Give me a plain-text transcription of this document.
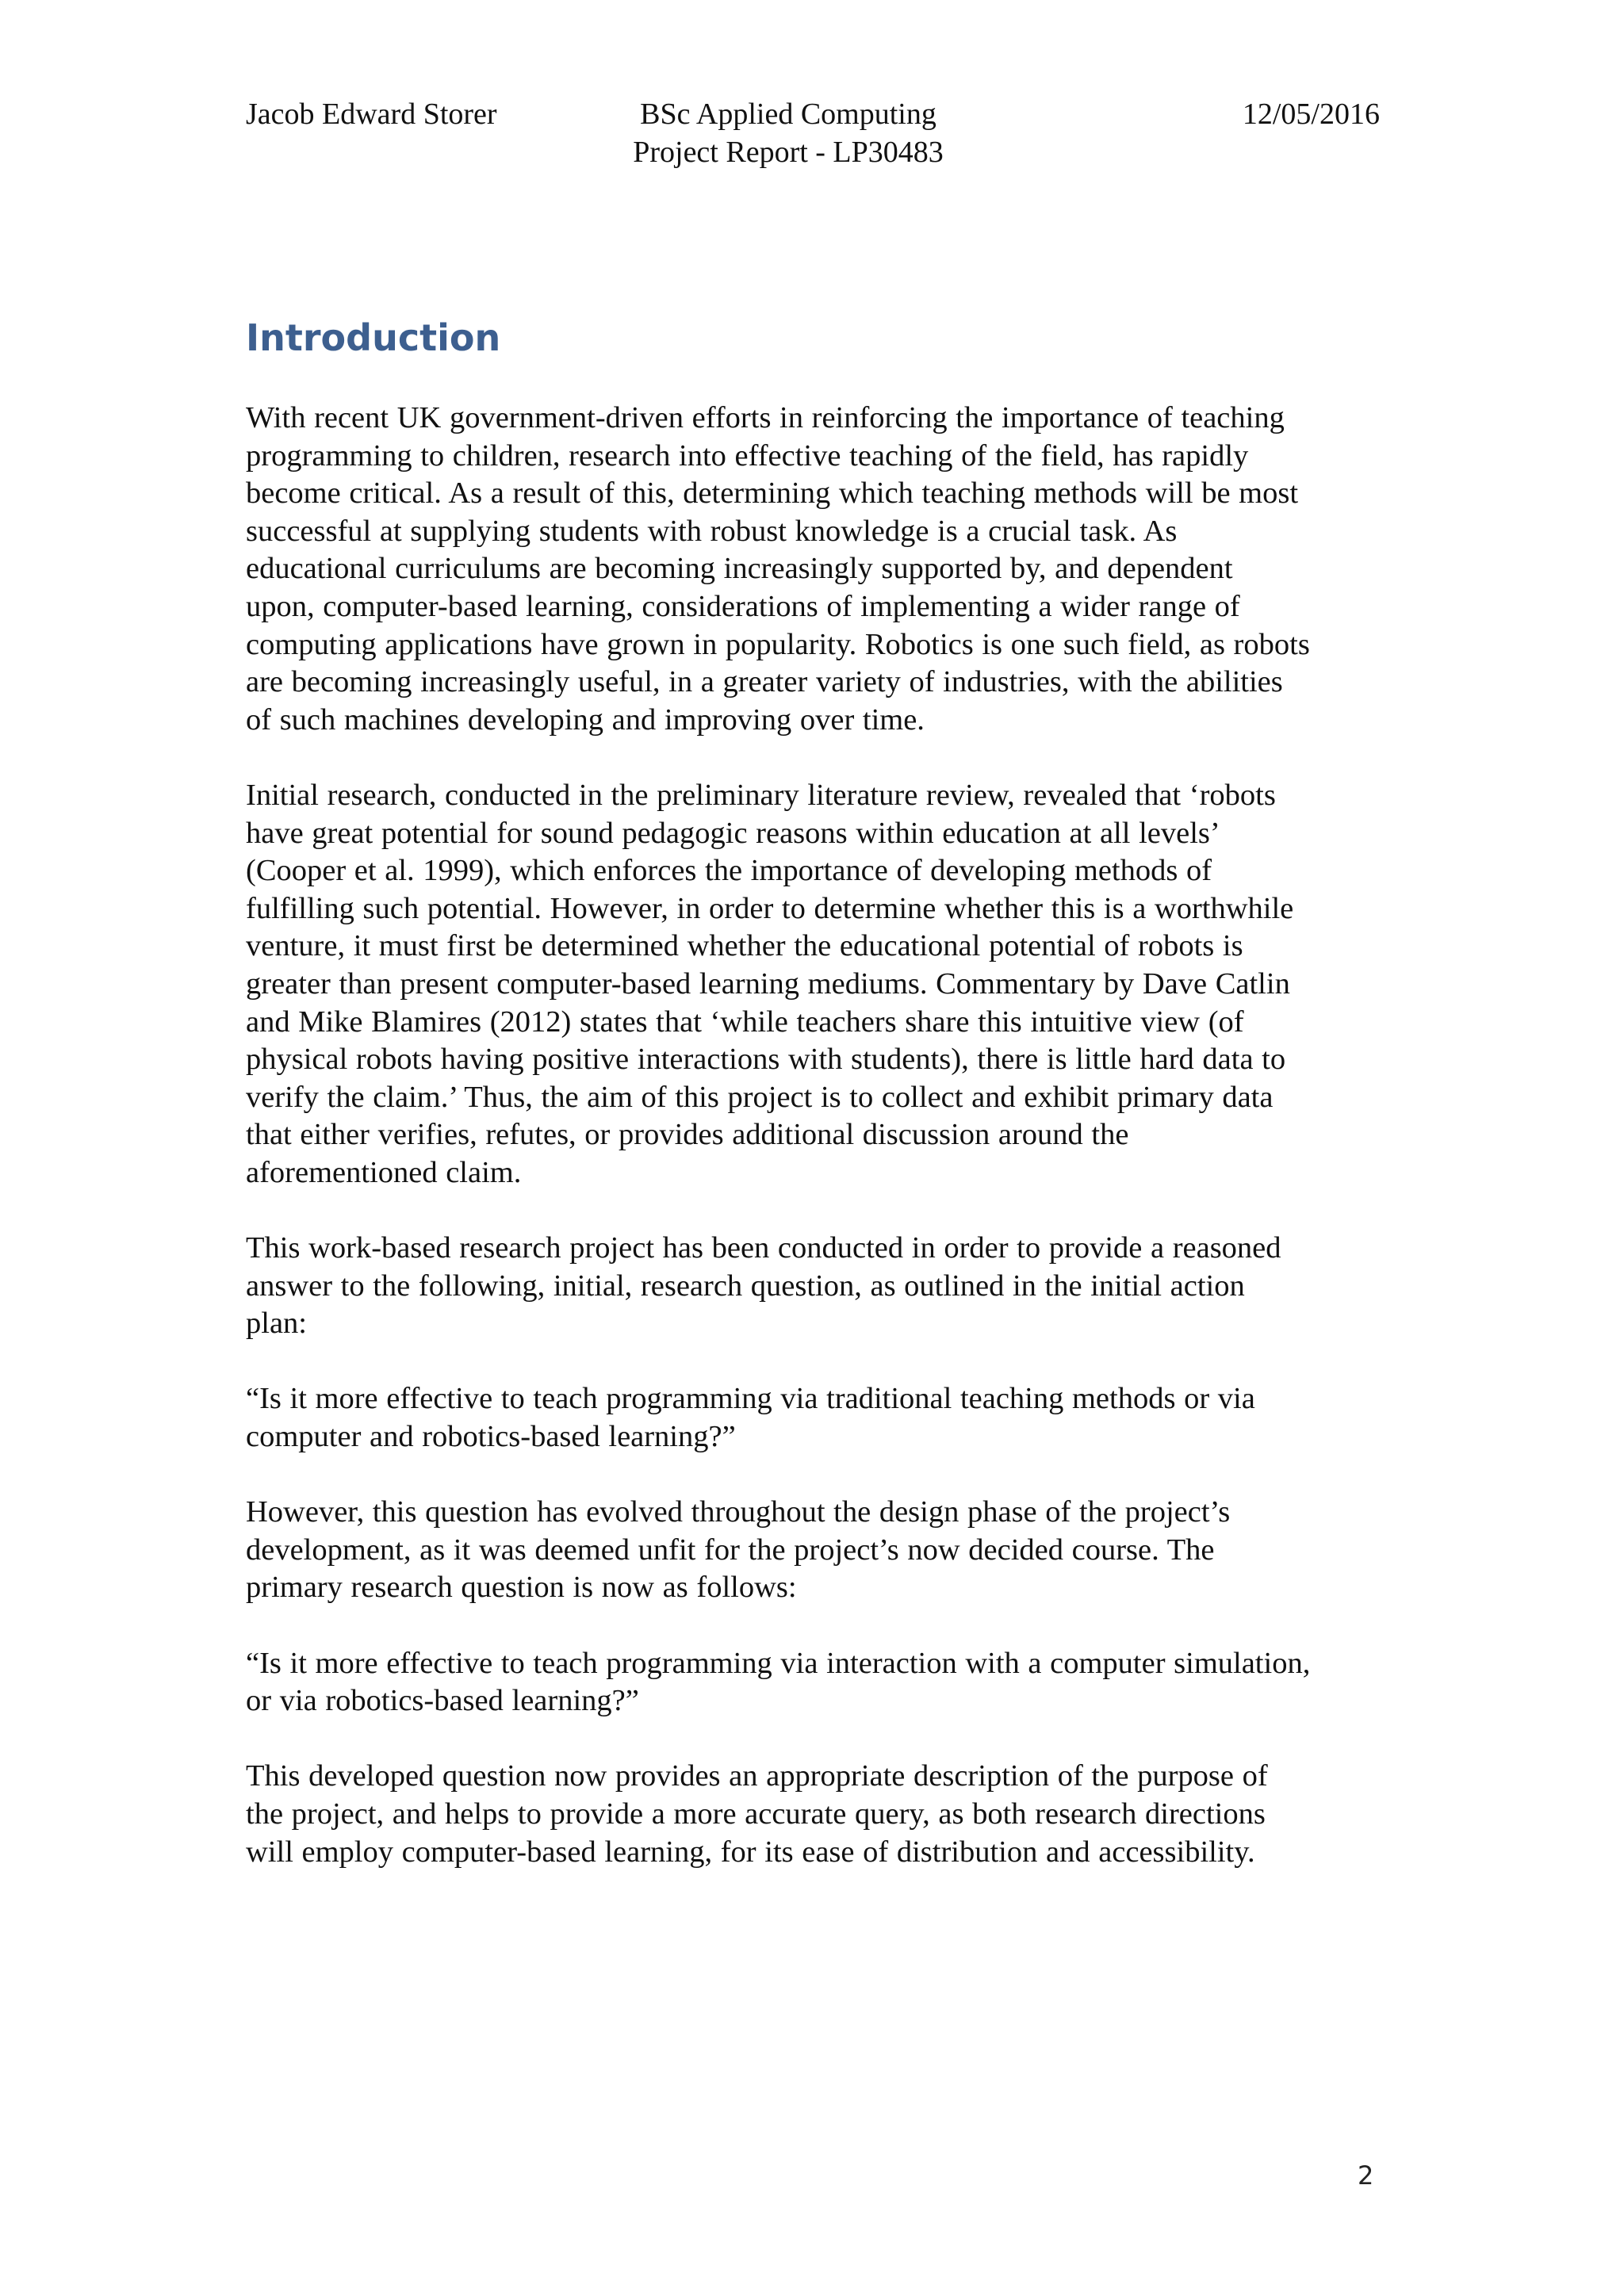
Jacob Edward Storer	BSc Applied Computing
Project Report - LP30483
12/05/2016
Introduction

With recent UK government-driven efforts in reinforcing the importance of teaching
programming to children, research into effective teaching of the field, has rapidly
become critical. As a result of this, determining which teaching methods will be most
successful at supplying students with robust knowledge is a crucial task. As
educational curriculums are becoming increasingly supported by, and dependent
upon, computer-based learning, considerations of implementing a wider range of
computing applications have grown in popularity. Robotics is one such field, as robots
are becoming increasingly useful, in a greater variety of industries, with the abilities
of such machines developing and improving over time.

Initial research, conducted in the preliminary literature review, revealed that ‘robots
have great potential for sound pedagogic reasons within education at all levels’
(Cooper et al. 1999), which enforces the importance of developing methods of
fulfilling such potential. However, in order to determine whether this is a worthwhile
venture, it must first be determined whether the educational potential of robots is
greater than present computer-based learning mediums. Commentary by Dave Catlin
and Mike Blamires (2012) states that ‘while teachers share this intuitive view (of
physical robots having positive interactions with students), there is little hard data to
verify the claim.’ Thus, the aim of this project is to collect and exhibit primary data
that either verifies, refutes, or provides additional discussion around the
aforementioned claim.

This work-based research project has been conducted in order to provide a reasoned
answer to the following, initial, research question, as outlined in the initial action
plan:

“Is it more effective to teach programming via traditional teaching methods or via
computer and robotics-based learning?”

However, this question has evolved throughout the design phase of the project’s
development, as it was deemed unfit for the project’s now decided course. The
primary research question is now as follows:

“Is it more effective to teach programming via interaction with a computer simulation,
or via robotics-based learning?”

This developed question now provides an appropriate description of the purpose of
the project, and helps to provide a more accurate query, as both research directions
will employ computer-based learning, for its ease of distribution and accessibility.

2
